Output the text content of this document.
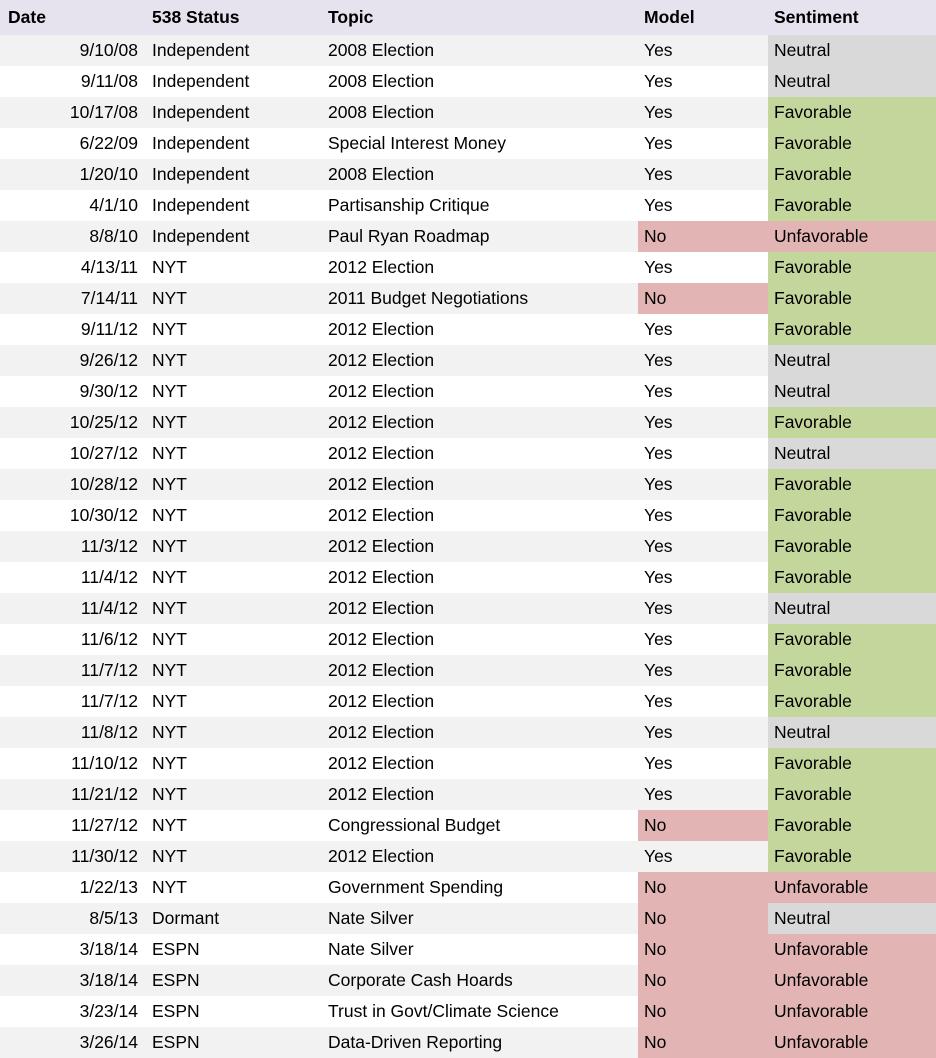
Date	538 Status	Topic	Model	Sentiment
9/10/08	Independent	2008 Election	Yes	Neutral
9/11/08	Independent	2008 Election	Yes	Neutral
10/17/08	Independent	2008 Election	Yes	Favorable
6/22/09	Independent	Special Interest Money	Yes	Favorable
1/20/10	Independent	2008 Election	Yes	Favorable
4/1/10	Independent	Partisanship Critique	Yes	Favorable
8/8/10	Independent	Paul Ryan Roadmap	No	Unfavorable
4/13/11	NYT	2012 Election	Yes	Favorable
7/14/11	NYT	2011 Budget Negotiations	No	Favorable
9/11/12	NYT	2012 Election	Yes	Favorable
9/26/12	NYT	2012 Election	Yes	Neutral
9/30/12	NYT	2012 Election	Yes	Neutral
10/25/12	NYT	2012 Election	Yes	Favorable
10/27/12	NYT	2012 Election	Yes	Neutral
10/28/12	NYT	2012 Election	Yes	Favorable
10/30/12	NYT	2012 Election	Yes	Favorable
11/3/12	NYT	2012 Election	Yes	Favorable
11/4/12	NYT	2012 Election	Yes	Favorable
11/4/12	NYT	2012 Election	Yes	Neutral
11/6/12	NYT	2012 Election	Yes	Favorable
11/7/12	NYT	2012 Election	Yes	Favorable
11/7/12	NYT	2012 Election	Yes	Favorable
11/8/12	NYT	2012 Election	Yes	Neutral
11/10/12	NYT	2012 Election	Yes	Favorable
11/21/12	NYT	2012 Election	Yes	Favorable
11/27/12	NYT	Congressional Budget	No	Favorable
11/30/12	NYT	2012 Election	Yes	Favorable
1/22/13	NYT	Government Spending	No	Unfavorable
8/5/13	Dormant	Nate Silver	No	Neutral
3/18/14	ESPN	Nate Silver	No	Unfavorable
3/18/14	ESPN	Corporate Cash Hoards	No	Unfavorable
3/23/14	ESPN	Trust in Govt/Climate Science	No	Unfavorable
3/26/14	ESPN	Data-Driven Reporting	No	Unfavorable
